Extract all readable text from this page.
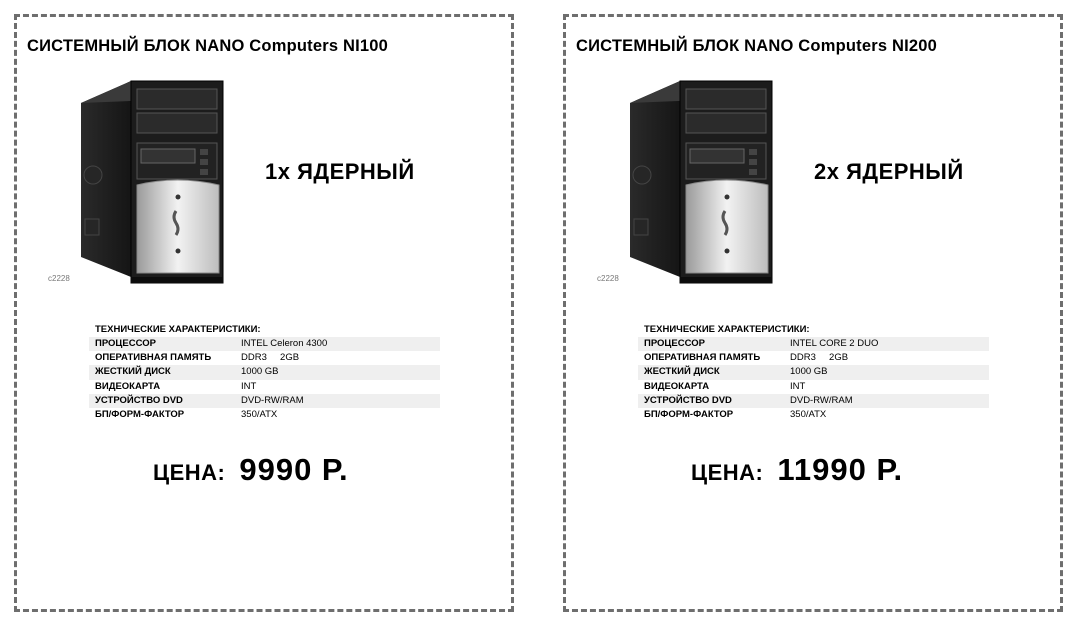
СИСТЕМНЫЙ БЛОК NANO Computers NI100
c2228
1x ЯДЕРНЫЙ
ТЕХНИЧЕСКИЕ ХАРАКТЕРИСТИКИ:
ПРОЦЕССОР	INTEL Celeron 4300
ОПЕРАТИВНАЯ ПАМЯТЬ	DDR3     2GB
ЖЕСТКИЙ ДИСК	1000 GB
ВИДЕОКАРТА	INT
УСТРОЙСТВО DVD	DVD-RW/RAM
БП/ФОРМ-ФАКТОР	350/ATX
ЦЕНА: 9990 Р.
СИСТЕМНЫЙ БЛОК NANO Computers NI200
c2228
2x ЯДЕРНЫЙ
ТЕХНИЧЕСКИЕ ХАРАКТЕРИСТИКИ:
ПРОЦЕССОР	INTEL CORE 2 DUO
ОПЕРАТИВНАЯ ПАМЯТЬ	DDR3     2GB
ЖЕСТКИЙ ДИСК	1000 GB
ВИДЕОКАРТА	INT
УСТРОЙСТВО DVD	DVD-RW/RAM
БП/ФОРМ-ФАКТОР	350/ATX
ЦЕНА: 11990 Р.
